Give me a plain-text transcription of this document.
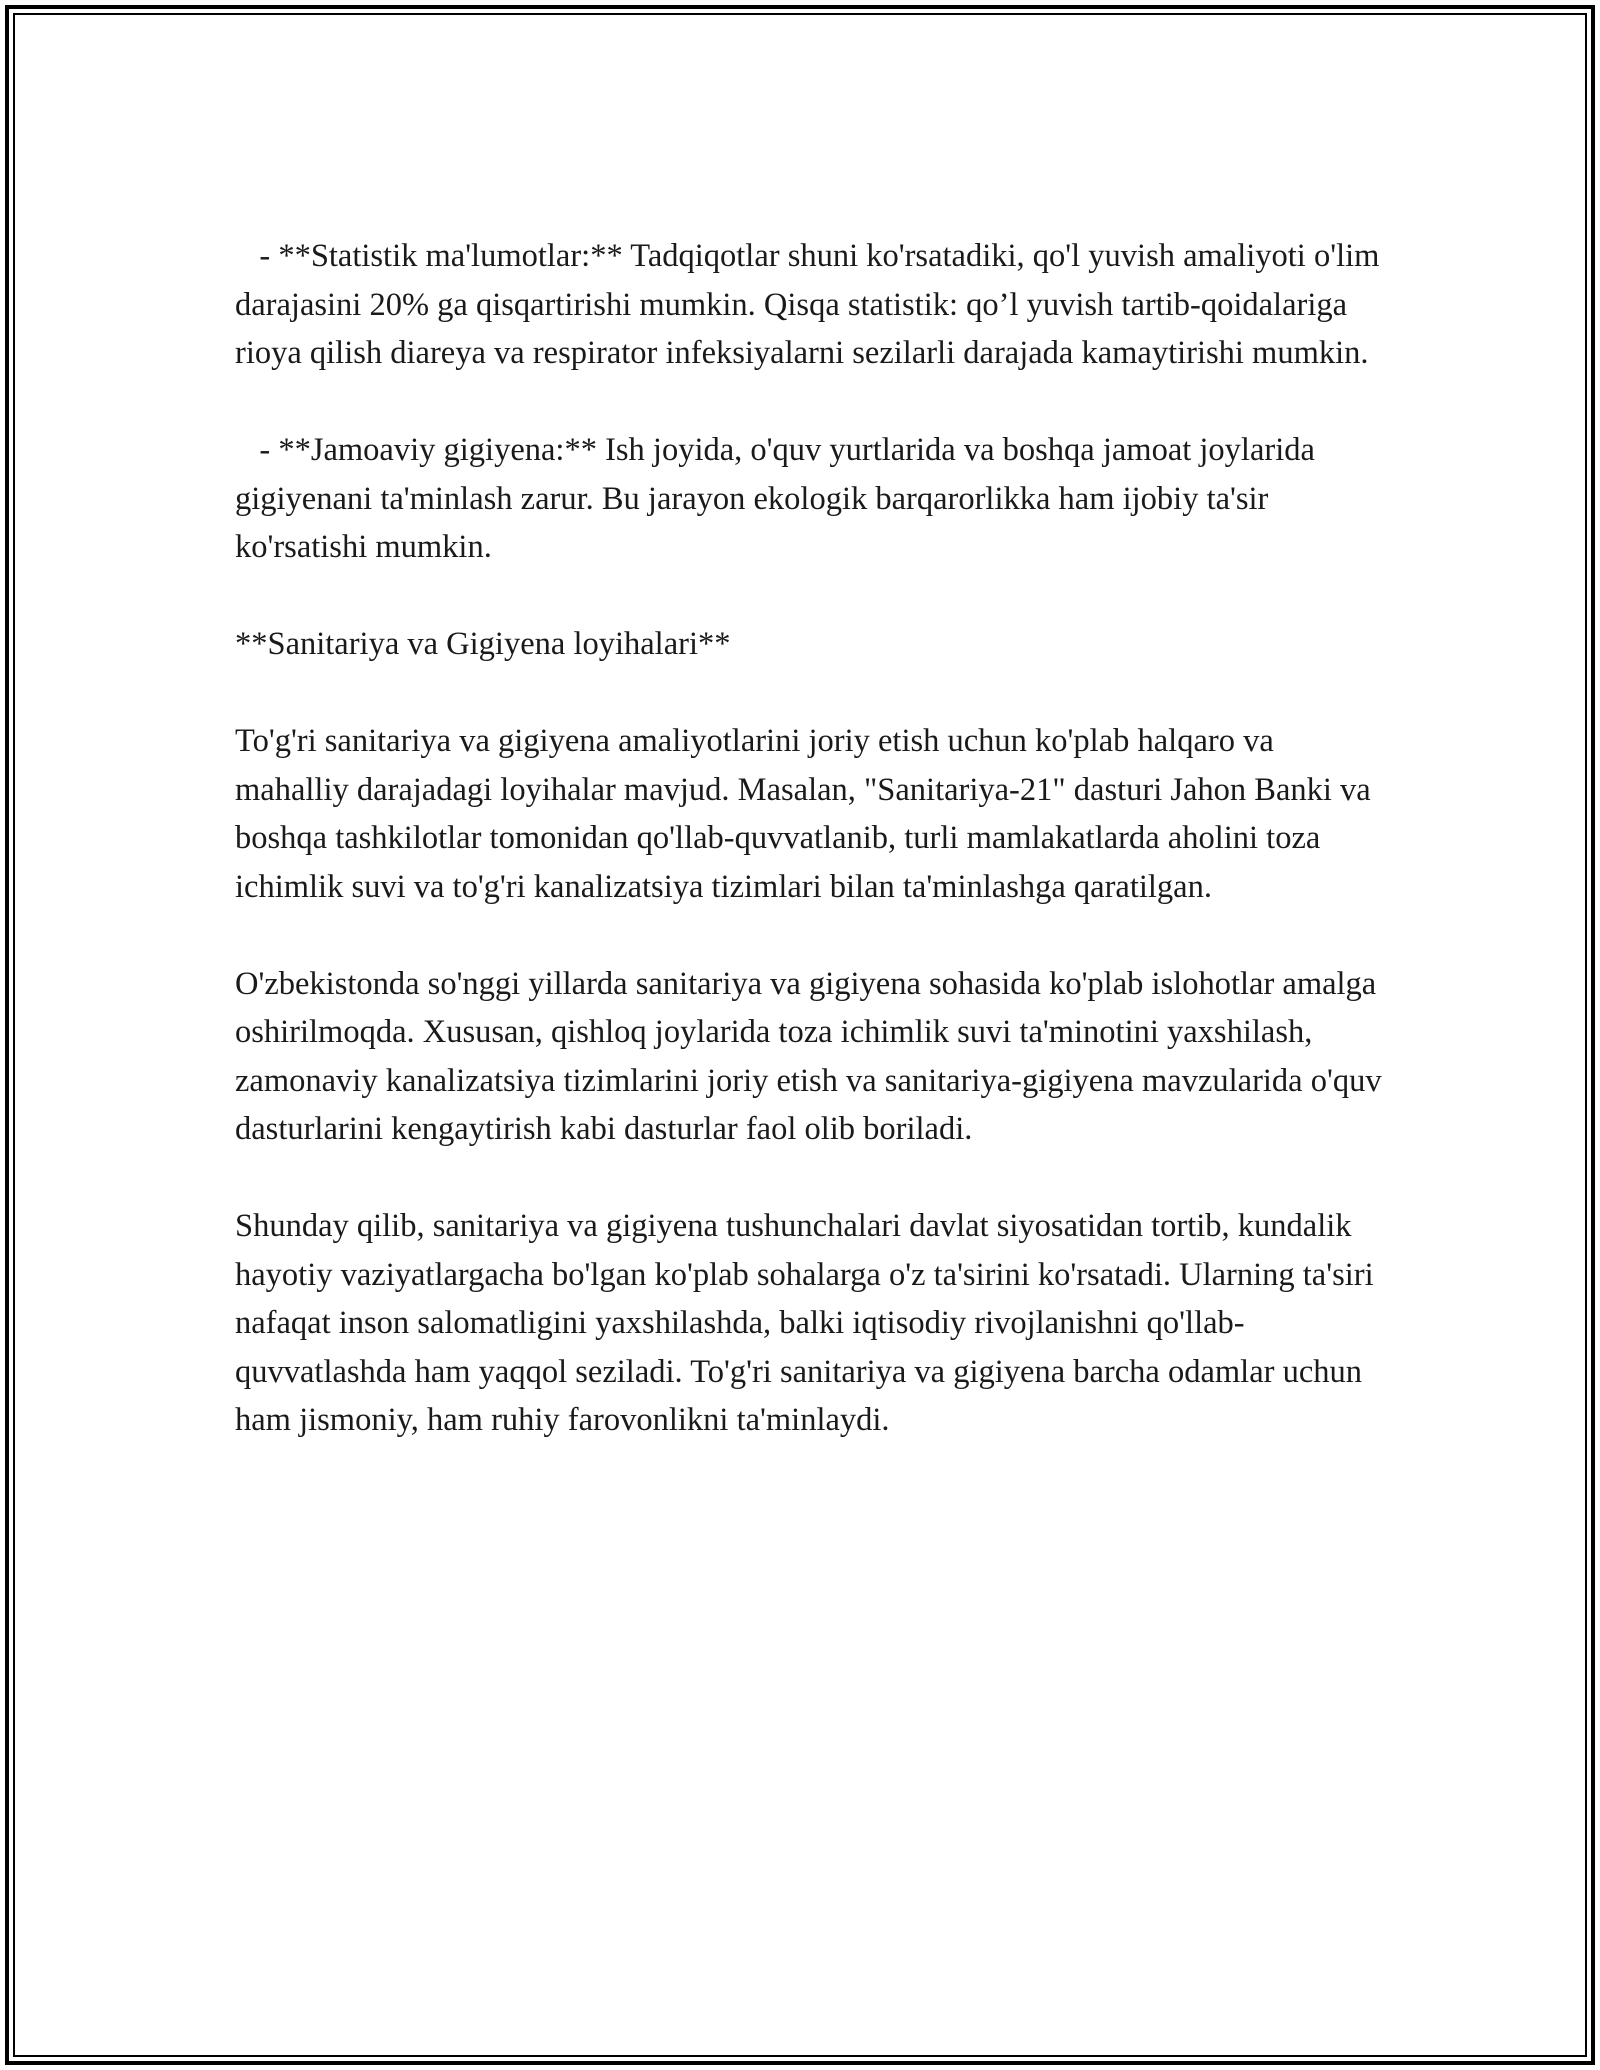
- **Statistik ma'lumotlar:** Tadqiqotlar shuni ko'rsatadiki, qo'l yuvish amaliyoti o'lim darajasini 20% ga qisqartirishi mumkin. Qisqa statistik: qo’l yuvish tartib-qoidalariga rioya qilish diareya va respirator infeksiyalarni sezilarli darajada kamaytirishi mumkin.

- **Jamoaviy gigiyena:** Ish joyida, o'quv yurtlarida va boshqa jamoat joylarida gigiyenani ta'minlash zarur. Bu jarayon ekologik barqarorlikka ham ijobiy ta'sir ko'rsatishi mumkin.

**Sanitariya va Gigiyena loyihalari**

To'g'ri sanitariya va gigiyena amaliyotlarini joriy etish uchun ko'plab halqaro va mahalliy darajadagi loyihalar mavjud. Masalan, "Sanitariya-21" dasturi Jahon Banki va boshqa tashkilotlar tomonidan qo'llab-quvvatlanib, turli mamlakatlarda aholini toza ichimlik suvi va to'g'ri kanalizatsiya tizimlari bilan ta'minlashga qaratilgan.

O'zbekistonda so'nggi yillarda sanitariya va gigiyena sohasida ko'plab islohotlar amalga oshirilmoqda. Xususan, qishloq joylarida toza ichimlik suvi ta'minotini yaxshilash, zamonaviy kanalizatsiya tizimlarini joriy etish va sanitariya-gigiyena mavzularida o'quv dasturlarini kengaytirish kabi dasturlar faol olib boriladi.

Shunday qilib, sanitariya va gigiyena tushunchalari davlat siyosatidan tortib, kundalik hayotiy vaziyatlargacha bo'lgan ko'plab sohalarga o'z ta'sirini ko'rsatadi. Ularning ta'siri nafaqat inson salomatligini yaxshilashda, balki iqtisodiy rivojlanishni qo'llab-quvvatlashda ham yaqqol seziladi. To'g'ri sanitariya va gigiyena barcha odamlar uchun ham jismoniy, ham ruhiy farovonlikni ta'minlaydi.
